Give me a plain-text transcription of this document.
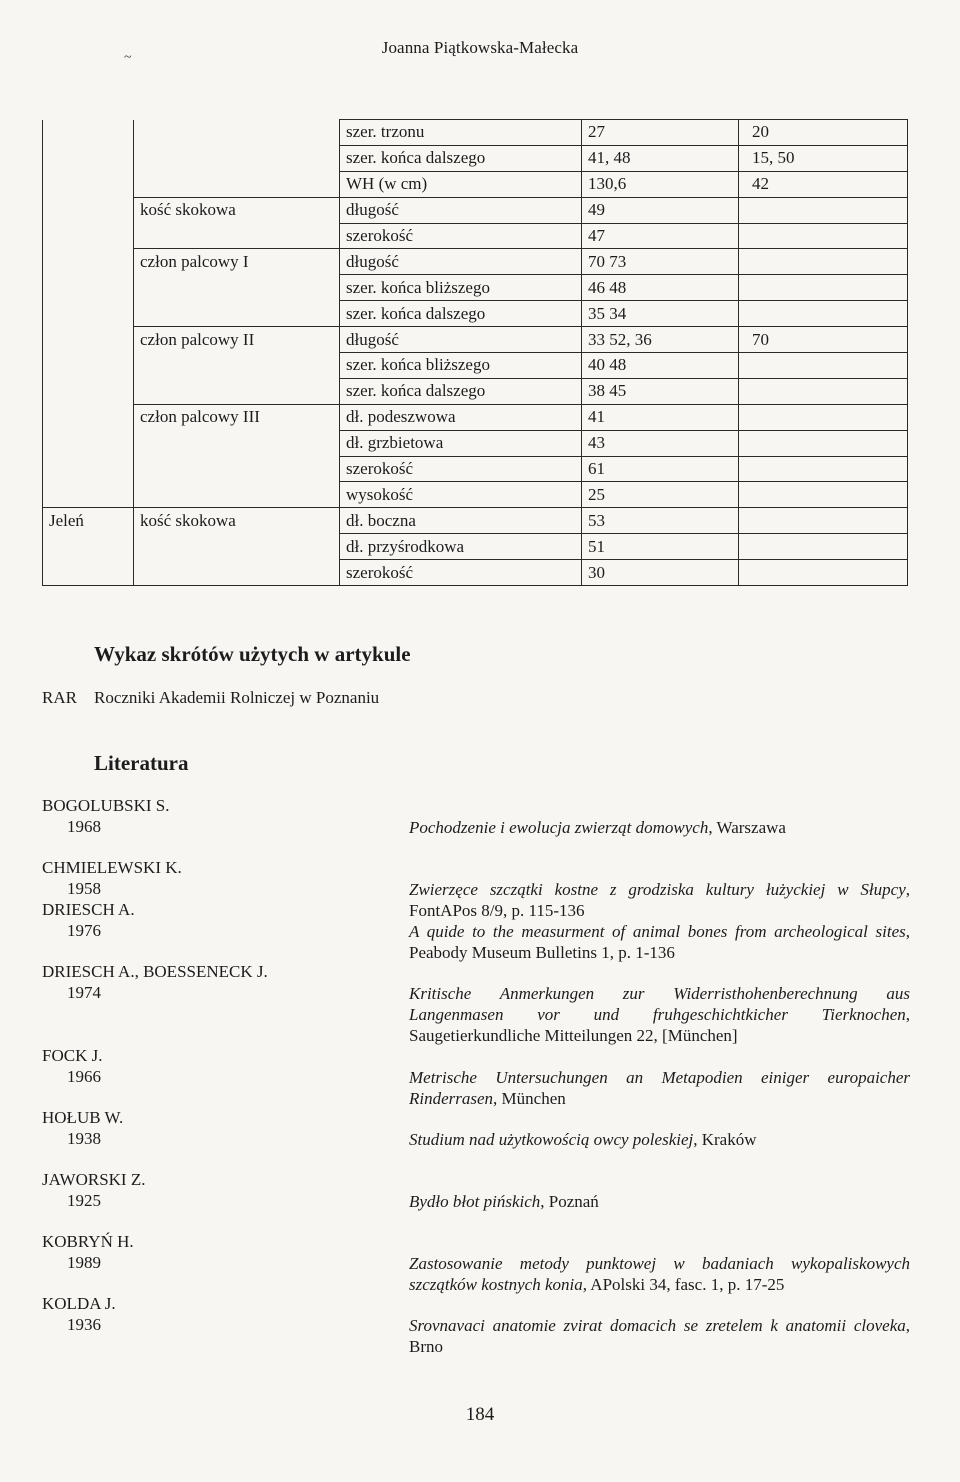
Joanna Piątkowska-Małecka
~
		szer. trzonu	27	20
		szer. końca dalszego	41, 48	15, 50
		WH (w cm)	130,6	42
	kość skokowa	długość	49	
		szerokość	47	
	człon palcowy I	długość	70 73	
		szer. końca bliższego	46 48	
		szer. końca dalszego	35 34	
	człon palcowy II	długość	33 52, 36	70
		szer. końca bliższego	40 48	
		szer. końca dalszego	38 45	
	człon palcowy III	dł. podeszwowa	41	
		dł. grzbietowa	43	
		szerokość	61	
		wysokość	25	
Jeleń	kość skokowa	dł. boczna	53	
		dł. przyśrodkowa	51	
		szerokość	30	
Wykaz skrótów użytych w artykule
RAR Roczniki Akademii Rolniczej w Poznaniu
Literatura
BOGOLUBSKI S.
1968	Pochodzenie i ewolucja zwierząt domowych, Warszawa
CHMIELEWSKI K.
1958	Zwierzęce szczątki kostne z grodziska kultury łużyckiej w Słupcy, FontAPos 8/9, p. 115-136
DRIESCH A.
1976	A quide to the measurment of animal bones from archeological sites, Peabody Museum Bulletins 1, p. 1-136
DRIESCH A., BOESSENECK J.
1974	Kritische Anmerkungen zur Widerristhohenberechnung aus Langenmasen vor und fruhgeschichtkicher Tierknochen, Saugetierkundliche Mitteilungen 22, [München]
FOCK J.
1966	Metrische Untersuchungen an Metapodien einiger europaicher Rinderrasen, München
HOŁUB W.
1938	Studium nad użytkowością owcy poleskiej, Kraków
JAWORSKI Z.
1925	Bydło błot pińskich, Poznań
KOBRYŃ H.
1989	Zastosowanie metody punktowej w badaniach wykopaliskowych szczątków kostnych konia, APolski 34, fasc. 1, p. 17-25
KOLDA J.
1936	Srovnavaci anatomie zvirat domacich se zretelem k anatomii cloveka, Brno
184
